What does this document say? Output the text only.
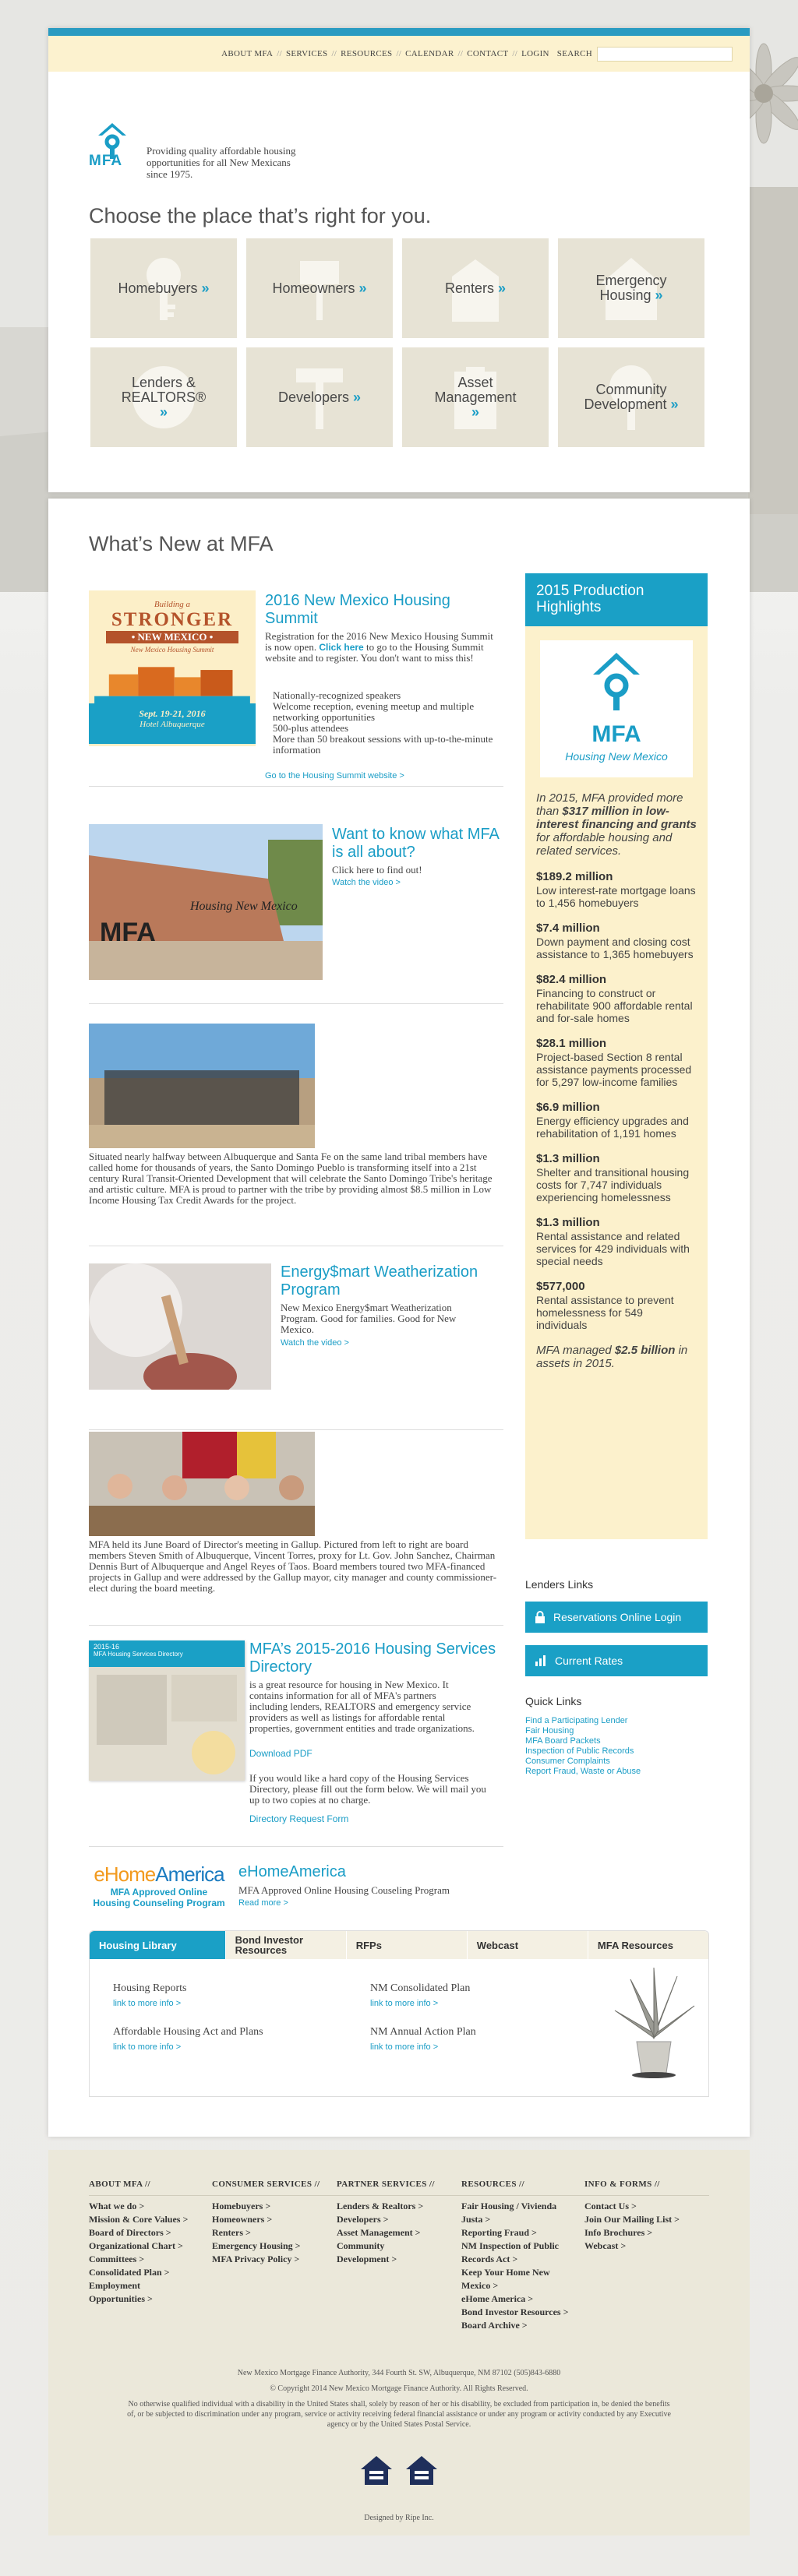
ABOUT MFA // SERVICES // RESOURCES // CALENDAR // CONTACT // LOGIN SEARCH
MFA
Providing quality affordable housing opportunities for all New Mexicans since 1975.
Choose the place that’s right for you.
Homebuyers »	Homeowners »	Renters »	Emergency Housing »
Lenders & REALTORS® »
Developers »
Asset Management »
Community Development »
What’s New at MFA
Building a
STRONGER
• NEW MEXICO •
New Mexico Housing Summit
Sept. 19-21, 2016
Hotel Albuquerque
2016 New Mexico Housing Summit
Registration for the 2016 New Mexico Housing Summit is now open. Click here to go to the Housing Summit website and to register. You don't want to miss this!
Nationally-recognized speakers
Welcome reception, evening meetup and multiple networking opportunities
500-plus attendees
More than 50 breakout sessions with up-to-the-minute information
Go to the Housing Summit website >
Housing New Mexico
MFA
Want to know what MFA is all about?
Click here to find out!
Watch the video >
Situated nearly halfway between Albuquerque and Santa Fe on the same land tribal members have called home for thousands of years, the Santo Domingo Pueblo is transforming itself into a 21st century Rural Transit-Oriented Development that will celebrate the Santo Domingo Tribe's heritage and artistic culture. MFA is proud to partner with the tribe by providing almost $8.5 million in Low Income Housing Tax Credit Awards for the project.
Energy$mart Weatherization Program
New Mexico Energy$mart Weatherization Program. Good for families. Good for New Mexico.
Watch the video >
MFA held its June Board of Director's meeting in Gallup. Pictured from left to right are board members Steven Smith of Albuquerque, Vincent Torres, proxy for Lt. Gov. John Sanchez, Chairman Dennis Burt of Albuquerque and Angel Reyes of Taos. Board members toured two MFA-financed projects in Gallup and were addressed by the Gallup mayor, city manager and county commissioner-elect during the board meeting.
2015-16
MFA Housing Services Directory	MFA’s 2015-2016 Housing Services Directory
is a great resource for housing in New Mexico. It contains information for all of MFA's partners including lenders, REALTORS and emergency service providers as well as listings for affordable rental properties, government entities and trade organizations.
Download PDF
If you would like a hard copy of the Housing Services Directory, please fill out the form below. We will mail you up to two copies at no charge.
Directory Request Form
eHomeAmerica
MFA Approved Online
Housing Counseling Program
eHomeAmerica
MFA Approved Online Housing Couseling Program
Read more >
Housing Library	Bond Investor Resources	RFPs	Webcast	MFA Resources
Housing Reports
link to more info >
NM Consolidated Plan
link to more info >
Affordable Housing Act and Plans
link to more info >
NM Annual Action Plan
link to more info >
2015 Production Highlights
MFA
Housing New Mexico
In 2015, MFA provided more than $317 million in low-interest financing and grants for affordable housing and related services.
$189.2 million
Low interest-rate mortgage loans to 1,456 homebuyers
$7.4 million
Down payment and closing cost assistance to 1,365 homebuyers
$82.4 million
Financing to construct or rehabilitate 900 affordable rental and for-sale homes
$28.1 million
Project-based Section 8 rental assistance payments processed for 5,297 low-income families
$6.9 million
Energy efficiency upgrades and rehabilitation of 1,191 homes
$1.3 million
Shelter and transitional housing costs for 7,747 individuals experiencing homelessness
$1.3 million
Rental assistance and related services for 429 individuals with special needs
$577,000
Rental assistance to prevent homelessness for 549 individuals
MFA managed $2.5 billion in assets in 2015.
Lenders Links
Reservations Online Login
Current Rates
Quick Links
Find a Participating Lender
Fair Housing
MFA Board Packets
Inspection of Public Records
Consumer Complaints
Report Fraud, Waste or Abuse
ABOUT MFA //
What we do >
Mission & Core Values >
Board of Directors >
Organizational Chart >
Committees >
Consolidated Plan >
Employment
Opportunities >
CONSUMER SERVICES //
Homebuyers >
Homeowners >
Renters >
Emergency Housing >
MFA Privacy Policy >
PARTNER SERVICES //
Lenders & Realtors >
Developers >
Asset Management >
Community
Development >
RESOURCES //
Fair Housing / Vivienda
Justa >
Reporting Fraud >
NM Inspection of Public
Records Act >
Keep Your Home New
Mexico >
eHome America >
Bond Investor Resources >
Board Archive >
INFO & FORMS //
Contact Us >
Join Our Mailing List >
Info Brochures >
Webcast >
New Mexico Mortgage Finance Authority, 344 Fourth St. SW, Albuquerque, NM 87102 (505)843-6880
© Copyright 2014 New Mexico Mortgage Finance Authority. All Rights Reserved.
No otherwise qualified individual with a disability in the United States shall, solely by reason of her or his disability, be excluded from participation in, be denied the benefits of, or be subjected to discrimination under any program, service or activity receiving federal financial assistance or under any program or activity conducted by any Executive agency or by the United States Postal Service.
Designed by Ripe Inc.
